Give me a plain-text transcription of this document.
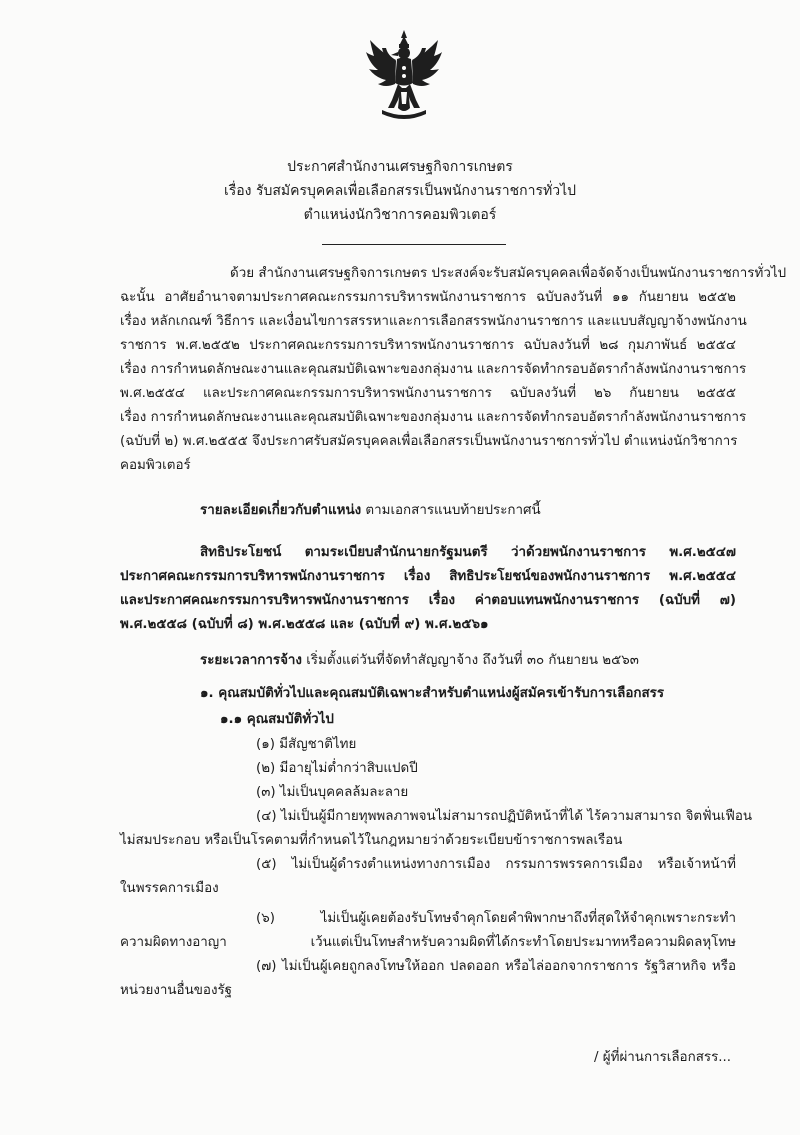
ประกาศสำนักงานเศรษฐกิจการเกษตร
เรื่อง รับสมัครบุคคลเพื่อเลือกสรรเป็นพนักงานราชการทั่วไป
ตำแหน่งนักวิชาการคอมพิวเตอร์
ด้วย สำนักงานเศรษฐกิจการเกษตร ประสงค์จะรับสมัครบุคคลเพื่อจัดจ้างเป็นพนักงานราชการทั่วไป
ฉะนั้น อาศัยอำนาจตามประกาศคณะกรรมการบริหารพนักงานราชการ ฉบับลงวันที่ ๑๑ กันยายน ๒๕๕๒
เรื่อง หลักเกณฑ์ วิธีการ และเงื่อนไขการสรรหาและการเลือกสรรพนักงานราชการ และแบบสัญญาจ้างพนักงาน
ราชการ พ.ศ.๒๕๕๒ ประกาศคณะกรรมการบริหารพนักงานราชการ ฉบับลงวันที่ ๒๘ กุมภาพันธ์ ๒๕๕๔
เรื่อง การกำหนดลักษณะงานและคุณสมบัติเฉพาะของกลุ่มงาน และการจัดทำกรอบอัตรากำลังพนักงานราชการ
พ.ศ.๒๕๕๔ และประกาศคณะกรรมการบริหารพนักงานราชการ ฉบับลงวันที่ ๒๖ กันยายน ๒๕๕๕
เรื่อง การกำหนดลักษณะงานและคุณสมบัติเฉพาะของกลุ่มงาน และการจัดทำกรอบอัตรากำลังพนักงานราชการ
(ฉบับที่ ๒) พ.ศ.๒๕๕๕ จึงประกาศรับสมัครบุคคลเพื่อเลือกสรรเป็นพนักงานราชการทั่วไป ตำแหน่งนักวิชาการ
คอมพิวเตอร์
รายละเอียดเกี่ยวกับตำแหน่ง ตามเอกสารแนบท้ายประกาศนี้
สิทธิประโยชน์ ตามระเบียบสำนักนายกรัฐมนตรี ว่าด้วยพนักงานราชการ พ.ศ.๒๕๔๗
ประกาศคณะกรรมการบริหารพนักงานราชการ เรื่อง สิทธิประโยชน์ของพนักงานราชการ พ.ศ.๒๕๕๔
และประกาศคณะกรรมการบริหารพนักงานราชการ เรื่อง ค่าตอบแทนพนักงานราชการ (ฉบับที่ ๗)
พ.ศ.๒๕๕๘ (ฉบับที่ ๘) พ.ศ.๒๕๕๘ และ (ฉบับที่ ๙) พ.ศ.๒๕๖๑
ระยะเวลาการจ้าง เริ่มตั้งแต่วันที่จัดทำสัญญาจ้าง ถึงวันที่ ๓๐ กันยายน ๒๕๖๓
๑. คุณสมบัติทั่วไปและคุณสมบัติเฉพาะสำหรับตำแหน่งผู้สมัครเข้ารับการเลือกสรร
๑.๑ คุณสมบัติทั่วไป
(๑) มีสัญชาติไทย
(๒) มีอายุไม่ต่ำกว่าสิบแปดปี
(๓) ไม่เป็นบุคคลล้มละลาย
(๔) ไม่เป็นผู้มีกายทุพพลภาพจนไม่สามารถปฏิบัติหน้าที่ได้ ไร้ความสามารถ จิตฟั่นเฟือน
ไม่สมประกอบ หรือเป็นโรคตามที่กำหนดไว้ในกฎหมายว่าด้วยระเบียบข้าราชการพลเรือน
(๕) ไม่เป็นผู้ดำรงตำแหน่งทางการเมือง กรรมการพรรคการเมือง หรือเจ้าหน้าที่
ในพรรคการเมือง
(๖) ไม่เป็นผู้เคยต้องรับโทษจำคุกโดยคำพิพากษาถึงที่สุดให้จำคุกเพราะกระทำ
ความผิดทางอาญา เว้นแต่เป็นโทษสำหรับความผิดที่ได้กระทำโดยประมาทหรือความผิดลหุโทษ
(๗) ไม่เป็นผู้เคยถูกลงโทษให้ออก ปลดออก หรือไล่ออกจากราชการ รัฐวิสาหกิจ หรือ
หน่วยงานอื่นของรัฐ
/ ผู้ที่ผ่านการเลือกสรร...
